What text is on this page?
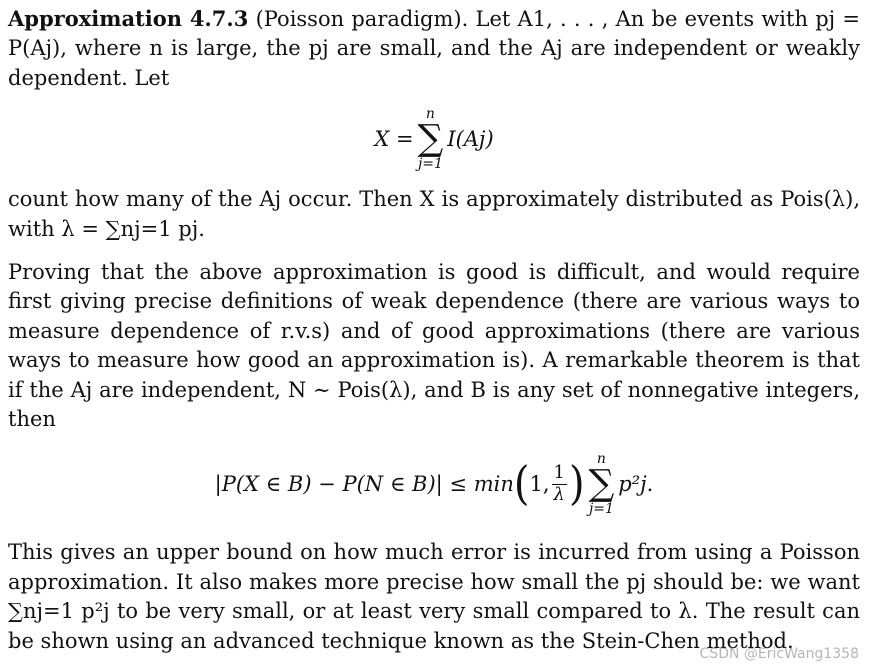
Approximation 4.7.3 (Poisson paradigm). Let A1, . . . , An be events with pj = P(Aj), where n is large, the pj are small, and the Aj are independent or weakly dependent. Let

X =
n
∑
j=1
I(Aj)

count how many of the Aj occur. Then X is approximately distributed as Pois(λ), with λ = ∑nj=1 pj.

Proving that the above approximation is good is difficult, and would require first giving precise definitions of weak dependence (there are various ways to measure dependence of r.v.s) and of good approximations (there are various ways to measure how good an approximation is). A remarkable theorem is that if the Aj are independent, N ∼ Pois(λ), and B is any set of nonnegative integers, then

|P(X ∈ B) − P(N ∈ B)| ≤ min ( 1, $\frac{1}{\lambda}$ ) n
∑
j=1
p²j.

This gives an upper bound on how much error is incurred from using a Poisson approximation. It also makes more precise how small the pj should be: we want ∑nj=1 p²j to be very small, or at least very small compared to λ. The result can be shown using an advanced technique known as the Stein-Chen method.

CSDN @EricWang1358
